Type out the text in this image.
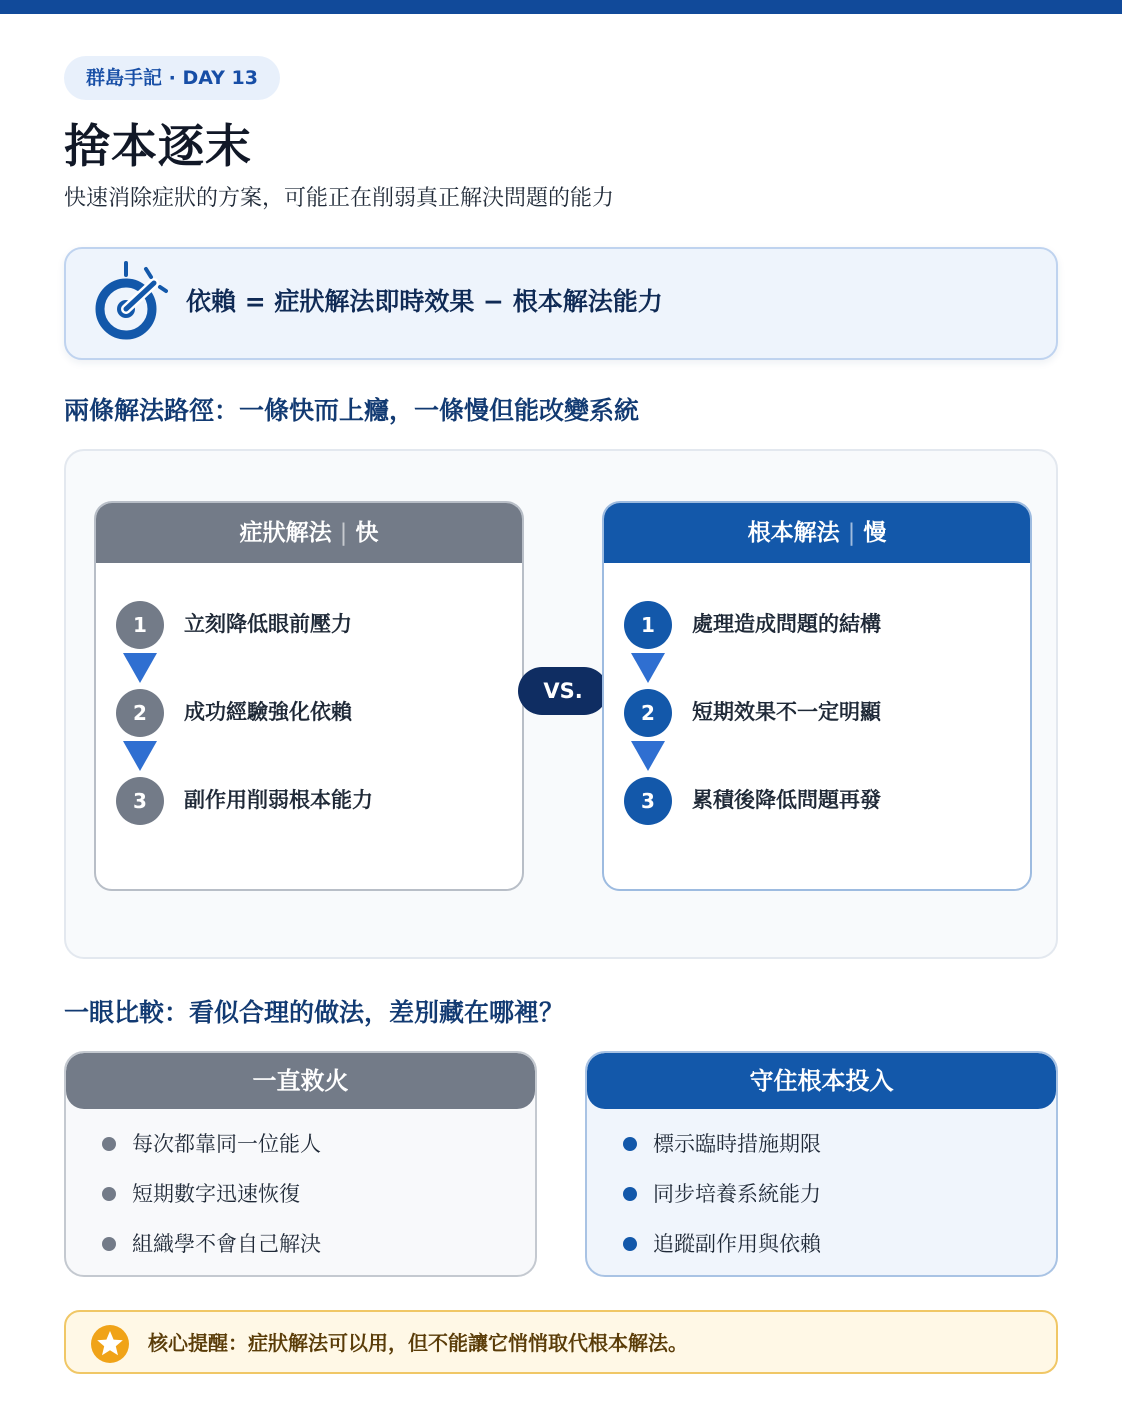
群島手記 · DAY 13
捨本逐末

快速消除症狀的方案，可能正在削弱真正解決問題的能力

依賴 = 症狀解法即時效果 − 根本解法能力
兩條解法路徑：一條快而上癮，一條慢但能改變系統
症狀解法 | 快
1	立刻降低眼前壓力
2	成功經驗強化依賴
3	副作用削弱根本能力
VS.
根本解法 | 慢
1	處理造成問題的結構
2	短期效果不一定明顯
3	累積後降低問題再發
一眼比較：看似合理的做法，差別藏在哪裡？
一直救火
每次都靠同一位能人
短期數字迅速恢復
組織學不會自己解決
守住根本投入
標示臨時措施期限
同步培養系統能力
追蹤副作用與依賴
核心提醒：症狀解法可以用，但不能讓它悄悄取代根本解法。
